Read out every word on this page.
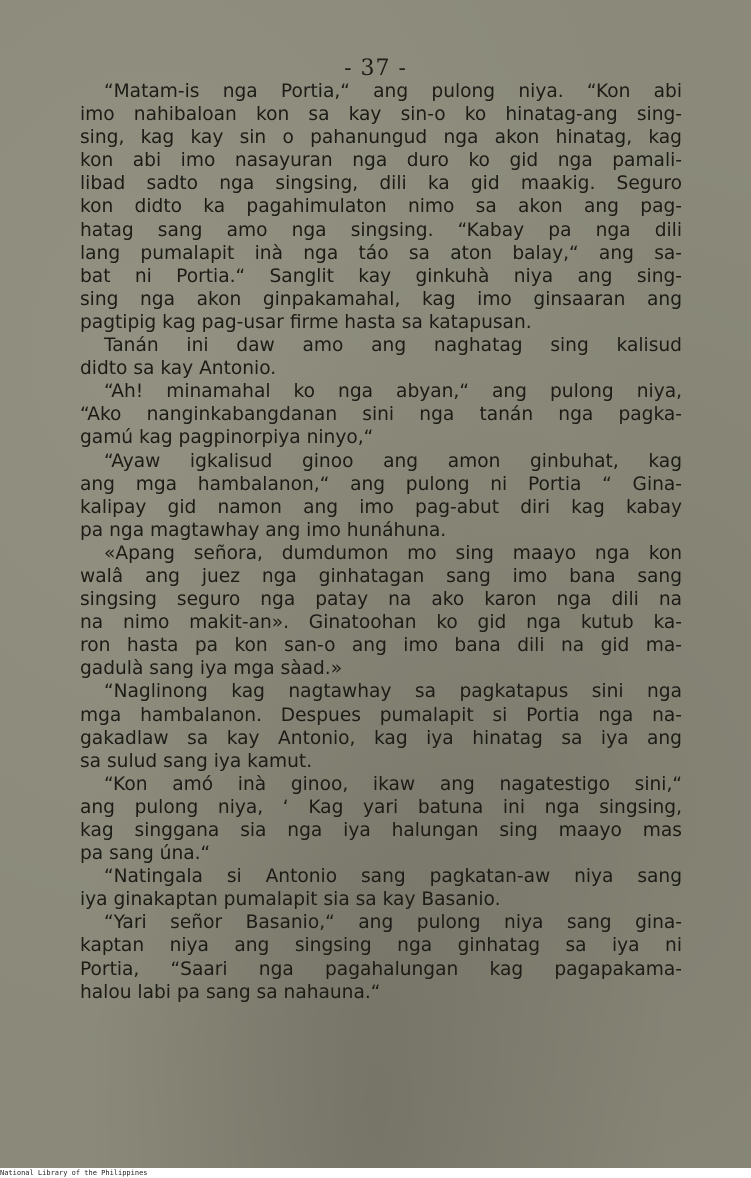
- 37 -
“Matam-is nga Portia,“ ang pulong niya. “Kon abi
imo nahibaloan kon sa kay sin-o ko hinatag-ang sing-
sing, kag kay sin o pahanungud nga akon hinatag, kag
kon abi imo nasayuran nga duro ko gid nga pamali-
libad sadto nga singsing, dili ka gid maakig. Seguro
kon didto ka pagahimulaton nimo sa akon ang pag-
hatag sang amo nga singsing. “Kabay pa nga dili
lang pumalapit inà nga táo sa aton balay,“ ang sa-
bat ni Portia.“ Sanglit kay ginkuhà niya ang sing-
sing nga akon ginpakamahal, kag imo ginsaaran ang
pagtipig kag pag-usar firme hasta sa katapusan.
Tanán ini daw amo ang naghatag sing kalisud
didto sa kay Antonio.
“Ah! minamahal ko nga abyan,“ ang pulong niya,
“Ako nanginkabangdanan sini nga tanán nga pagka-
gamú kag pagpinorpiya ninyo,“
“Ayaw igkalisud ginoo ang amon ginbuhat, kag
ang mga hambalanon,“ ang pulong ni Portia “ Gina-
kalipay gid namon ang imo pag-abut diri kag kabay
pa nga magtawhay ang imo hunáhuna.
«Apang señora, dumdumon mo sing maayo nga kon
walâ ang juez nga ginhatagan sang imo bana sang
singsing seguro nga patay na ako karon nga dili na
na nimo makit-an». Ginatoohan ko gid nga kutub ka-
ron hasta pa kon san-o ang imo bana dili na gid ma-
gadulà sang iya mga sàad.»
“Naglinong kag nagtawhay sa pagkatapus sini nga
mga hambalanon. Despues pumalapit si Portia nga na-
gakadlaw sa kay Antonio, kag iya hinatag sa iya ang
sa sulud sang iya kamut.
“Kon amó inà ginoo, ikaw ang nagatestigo sini,“
ang pulong niya, ‘ Kag yari batuna ini nga singsing,
kag singgana sia nga iya halungan sing maayo mas
pa sang úna.“
“Natingala si Antonio sang pagkatan-aw niya sang
iya ginakaptan pumalapit sia sa kay Basanio.
“Yari señor Basanio,“ ang pulong niya sang gina-
kaptan niya ang singsing nga ginhatag sa iya ni
Portia, “Saari nga pagahalungan kag pagapakama-
halou labi pa sang sa nahauna.“
National Library of the Philippines
